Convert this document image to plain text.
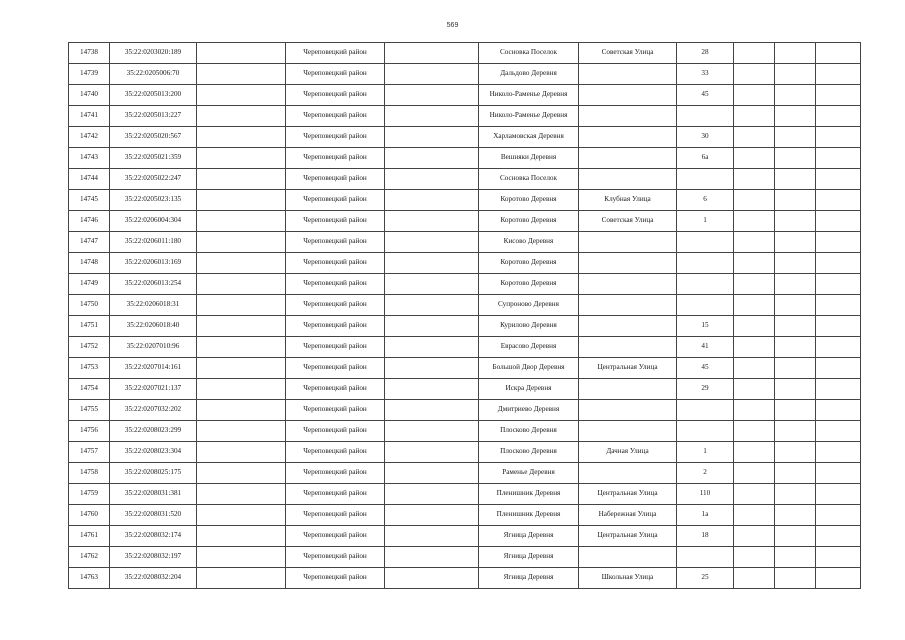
569
14738	35:22:0203020:189		Череповецкий район		Сосновка Поселок	Советская Улица	28			
14739	35:22:0205006:70		Череповецкий район		Дальдово Деревня		33			
14740	35:22:0205013:200		Череповецкий район		Николо-Раменье Деревня		45			
14741	35:22:0205013:227		Череповецкий район		Николо-Раменье Деревня					
14742	35:22:0205020:567		Череповецкий район		Харламовская Деревня		30			
14743	35:22:0205021:359		Череповецкий район		Вешняки Деревня		6а			
14744	35:22:0205022:247		Череповецкий район		Сосновка Поселок					
14745	35:22:0205023:135		Череповецкий район		Коротово Деревня	Клубная Улица	6			
14746	35:22:0206004:304		Череповецкий район		Коротово Деревня	Советская Улица	1			
14747	35:22:0206011:180		Череповецкий район		Кисово Деревня					
14748	35:22:0206013:169		Череповецкий район		Коротово Деревня					
14749	35:22:0206013:254		Череповецкий район		Коротово Деревня					
14750	35:22:0206018:31		Череповецкий район		Супроново Деревня					
14751	35:22:0206018:40		Череповецкий район		Курилово Деревня		15			
14752	35:22:0207010:96		Череповецкий район		Еврасово Деревня		41			
14753	35:22:0207014:161		Череповецкий район		Большой Двор Деревня	Центральная Улица	45			
14754	35:22:0207021:137		Череповецкий район		Искра Деревня		29			
14755	35:22:0207032:202		Череповецкий район		Дмитриево Деревня					
14756	35:22:0208023:299		Череповецкий район		Плосково Деревня					
14757	35:22:0208023:304		Череповецкий район		Плосково Деревня	Дачная Улица	1			
14758	35:22:0208025:175		Череповецкий район		Раменье Деревня		2			
14759	35:22:0208031:381		Череповецкий район		Пленишник Деревня	Центральная Улица	110			
14760	35:22:0208031:520		Череповецкий район		Пленишник Деревня	Набережная Улица	1а			
14761	35:22:0208032:174		Череповецкий район		Ягница Деревня	Центральная Улица	18			
14762	35:22:0208032:197		Череповецкий район		Ягница Деревня					
14763	35:22:0208032:204		Череповецкий район		Ягница Деревня	Школьная Улица	25			
